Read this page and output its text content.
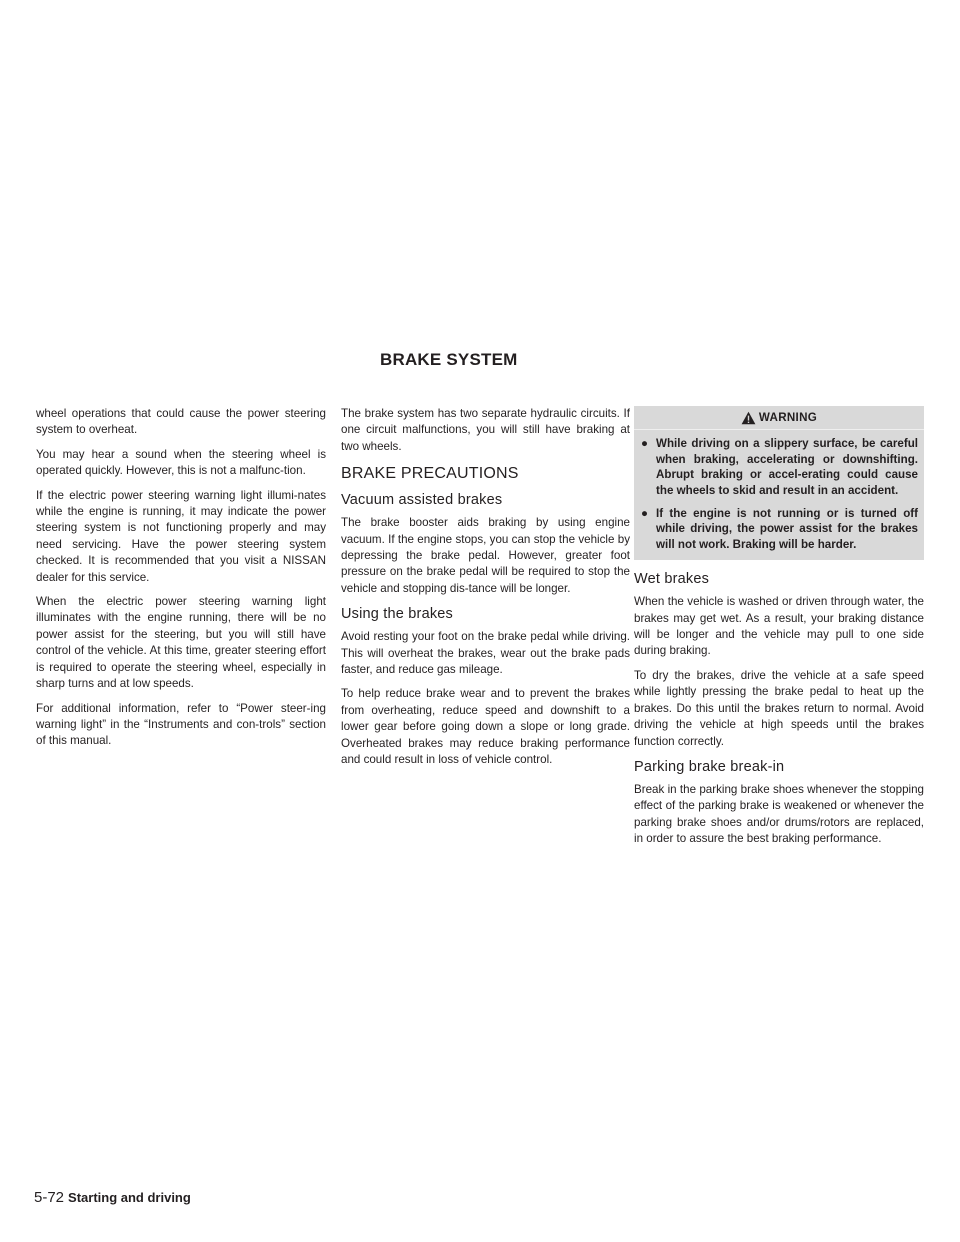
BRAKE SYSTEM

wheel operations that could cause the power steering system to overheat.

You may hear a sound when the steering wheel is operated quickly. However, this is not a malfunc-tion.

If the electric power steering warning light illumi-nates while the engine is running, it may indicate the power steering system is not functioning properly and may need servicing. Have the power steering system checked. It is recommended that you visit a NISSAN dealer for this service.

When the electric power steering warning light illuminates with the engine running, there will be no power assist for the steering, but you will still have control of the vehicle. At this time, greater steering effort is required to operate the steering wheel, especially in sharp turns and at low speeds.

For additional information, refer to “Power steer-ing warning light” in the “Instruments and con-trols” section of this manual.

The brake system has two separate hydraulic circuits. If one circuit malfunctions, you will still have braking at two wheels.

BRAKE PRECAUTIONS
Vacuum assisted brakes

The brake booster aids braking by using engine vacuum. If the engine stops, you can stop the vehicle by depressing the brake pedal. However, greater foot pressure on the brake pedal will be required to stop the vehicle and stopping dis-tance will be longer.

Using the brakes

Avoid resting your foot on the brake pedal while driving. This will overheat the brakes, wear out the brake pads faster, and reduce gas mileage.

To help reduce brake wear and to prevent the brakes from overheating, reduce speed and downshift to a lower gear before going down a slope or long grade. Overheated brakes may reduce braking performance and could result in loss of vehicle control.

WARNING
● While driving on a slippery surface, be careful when braking, accelerating or downshifting. Abrupt braking or accel-erating could cause the wheels to skid and result in an accident.
● If the engine is not running or is turned off while driving, the power assist for the brakes will not work. Braking will be harder.
Wet brakes

When the vehicle is washed or driven through water, the brakes may get wet. As a result, your braking distance will be longer and the vehicle may pull to one side during braking.

To dry the brakes, drive the vehicle at a safe speed while lightly pressing the brake pedal to heat up the brakes. Do this until the brakes return to normal. Avoid driving the vehicle at high speeds until the brakes function correctly.

Parking brake break-in

Break in the parking brake shoes whenever the stopping effect of the parking brake is weakened or whenever the parking brake shoes and/or drums/rotors are replaced, in order to assure the best braking performance.

5-72 Starting and driving
